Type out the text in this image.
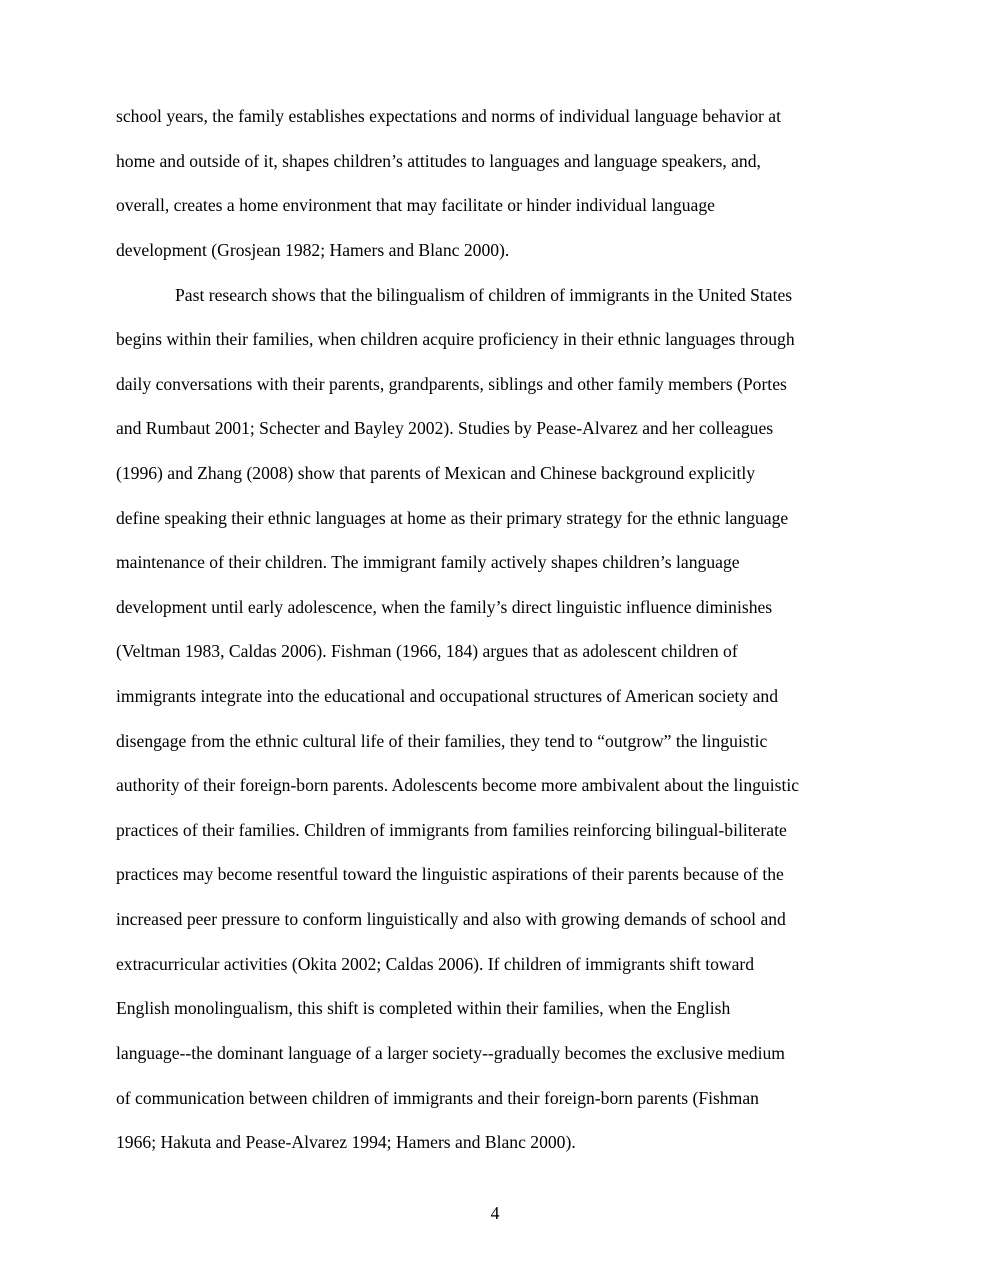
school years, the family establishes expectations and norms of individual language behavior at
home and outside of it, shapes children’s attitudes to languages and language speakers, and,
overall, creates a home environment that may facilitate or hinder individual language
development (Grosjean 1982; Hamers and Blanc 2000).
Past research shows that the bilingualism of children of immigrants in the United States
begins within their families, when children acquire proficiency in their ethnic languages through
daily conversations with their parents, grandparents, siblings and other family members (Portes
and Rumbaut 2001; Schecter and Bayley 2002). Studies by Pease-Alvarez and her colleagues
(1996) and Zhang (2008) show that parents of Mexican and Chinese background explicitly
define speaking their ethnic languages at home as their primary strategy for the ethnic language
maintenance of their children. The immigrant family actively shapes children’s language
development until early adolescence, when the family’s direct linguistic influence diminishes
(Veltman 1983, Caldas 2006). Fishman (1966, 184) argues that as adolescent children of
immigrants integrate into the educational and occupational structures of American society and
disengage from the ethnic cultural life of their families, they tend to “outgrow” the linguistic
authority of their foreign-born parents. Adolescents become more ambivalent about the linguistic
practices of their families. Children of immigrants from families reinforcing bilingual-biliterate
practices may become resentful toward the linguistic aspirations of their parents because of the
increased peer pressure to conform linguistically and also with growing demands of school and
extracurricular activities (Okita 2002; Caldas 2006). If children of immigrants shift toward
English monolingualism, this shift is completed within their families, when the English
language--the dominant language of a larger society--gradually becomes the exclusive medium
of communication between children of immigrants and their foreign-born parents (Fishman
1966; Hakuta and Pease-Alvarez 1994; Hamers and Blanc 2000).
4
